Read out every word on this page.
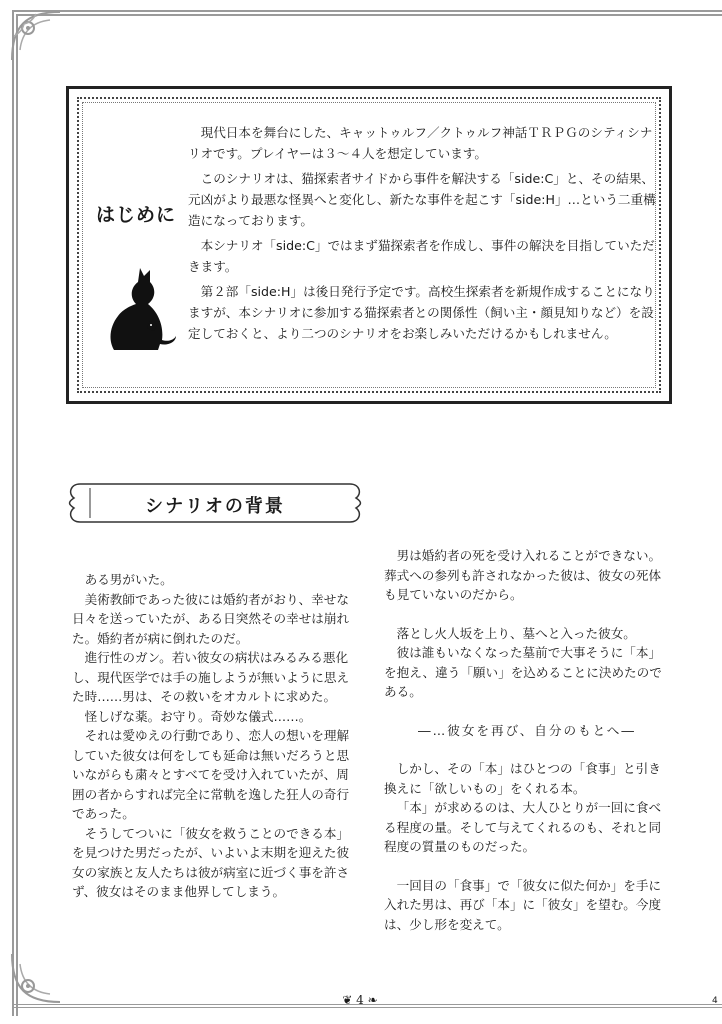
はじめに

現代日本を舞台にした、キャットゥルフ／クトゥルフ神話ＴＲＰＧのシティシナリオです。プレイヤーは３〜４人を想定しています。

このシナリオは、猫探索者サイドから事件を解決する「side:C」と、その結果、元凶がより最悪な怪異へと変化し、新たな事件を起こす「side:H」…という二重構造になっております。

本シナリオ「side:C」ではまず猫探索者を作成し、事件の解決を目指していただきます。

第２部「side:H」は後日発行予定です。高校生探索者を新規作成することになりますが、本シナリオに参加する猫探索者との関係性（飼い主・顔見知りなど）を設定しておくと、より二つのシナリオをお楽しみいただけるかもしれません。

シナリオの背景

ある男がいた。

美術教師であった彼には婚約者がおり、幸せな日々を送っていたが、ある日突然その幸せは崩れた。婚約者が病に倒れたのだ。

進行性のガン。若い彼女の病状はみるみる悪化し、現代医学では手の施しようが無いように思えた時……男は、その救いをオカルトに求めた。

怪しげな薬。お守り。奇妙な儀式……。

それは愛ゆえの行動であり、恋人の想いを理解していた彼女は何をしても延命は無いだろうと思いながらも粛々とすべてを受け入れていたが、周囲の者からすれば完全に常軌を逸した狂人の奇行であった。

そうしてついに「彼女を救うことのできる本」を見つけた男だったが、いよいよ末期を迎えた彼女の家族と友人たちは彼が病室に近づく事を許さず、彼女はそのまま他界してしまう。

男は婚約者の死を受け入れることができない。葬式への参列も許されなかった彼は、彼女の死体も見ていないのだから。

落とし火人坂を上り、墓へと入った彼女。

彼は誰もいなくなった墓前で大事そうに「本」を抱え、違う「願い」を込めることに決めたのである。

―…彼女を再び、自分のもとへ―

しかし、その「本」はひとつの「食事」と引き換えに「欲しいもの」をくれる本。

「本」が求めるのは、大人ひとりが一回に食べる程度の量。そして与えてくれるのも、それと同程度の質量のものだった。

一回目の「食事」で「彼女に似た何か」を手に入れた男は、再び「本」に「彼女」を望む。今度は、少し形を変えて。

❦ 4 ❧	4
